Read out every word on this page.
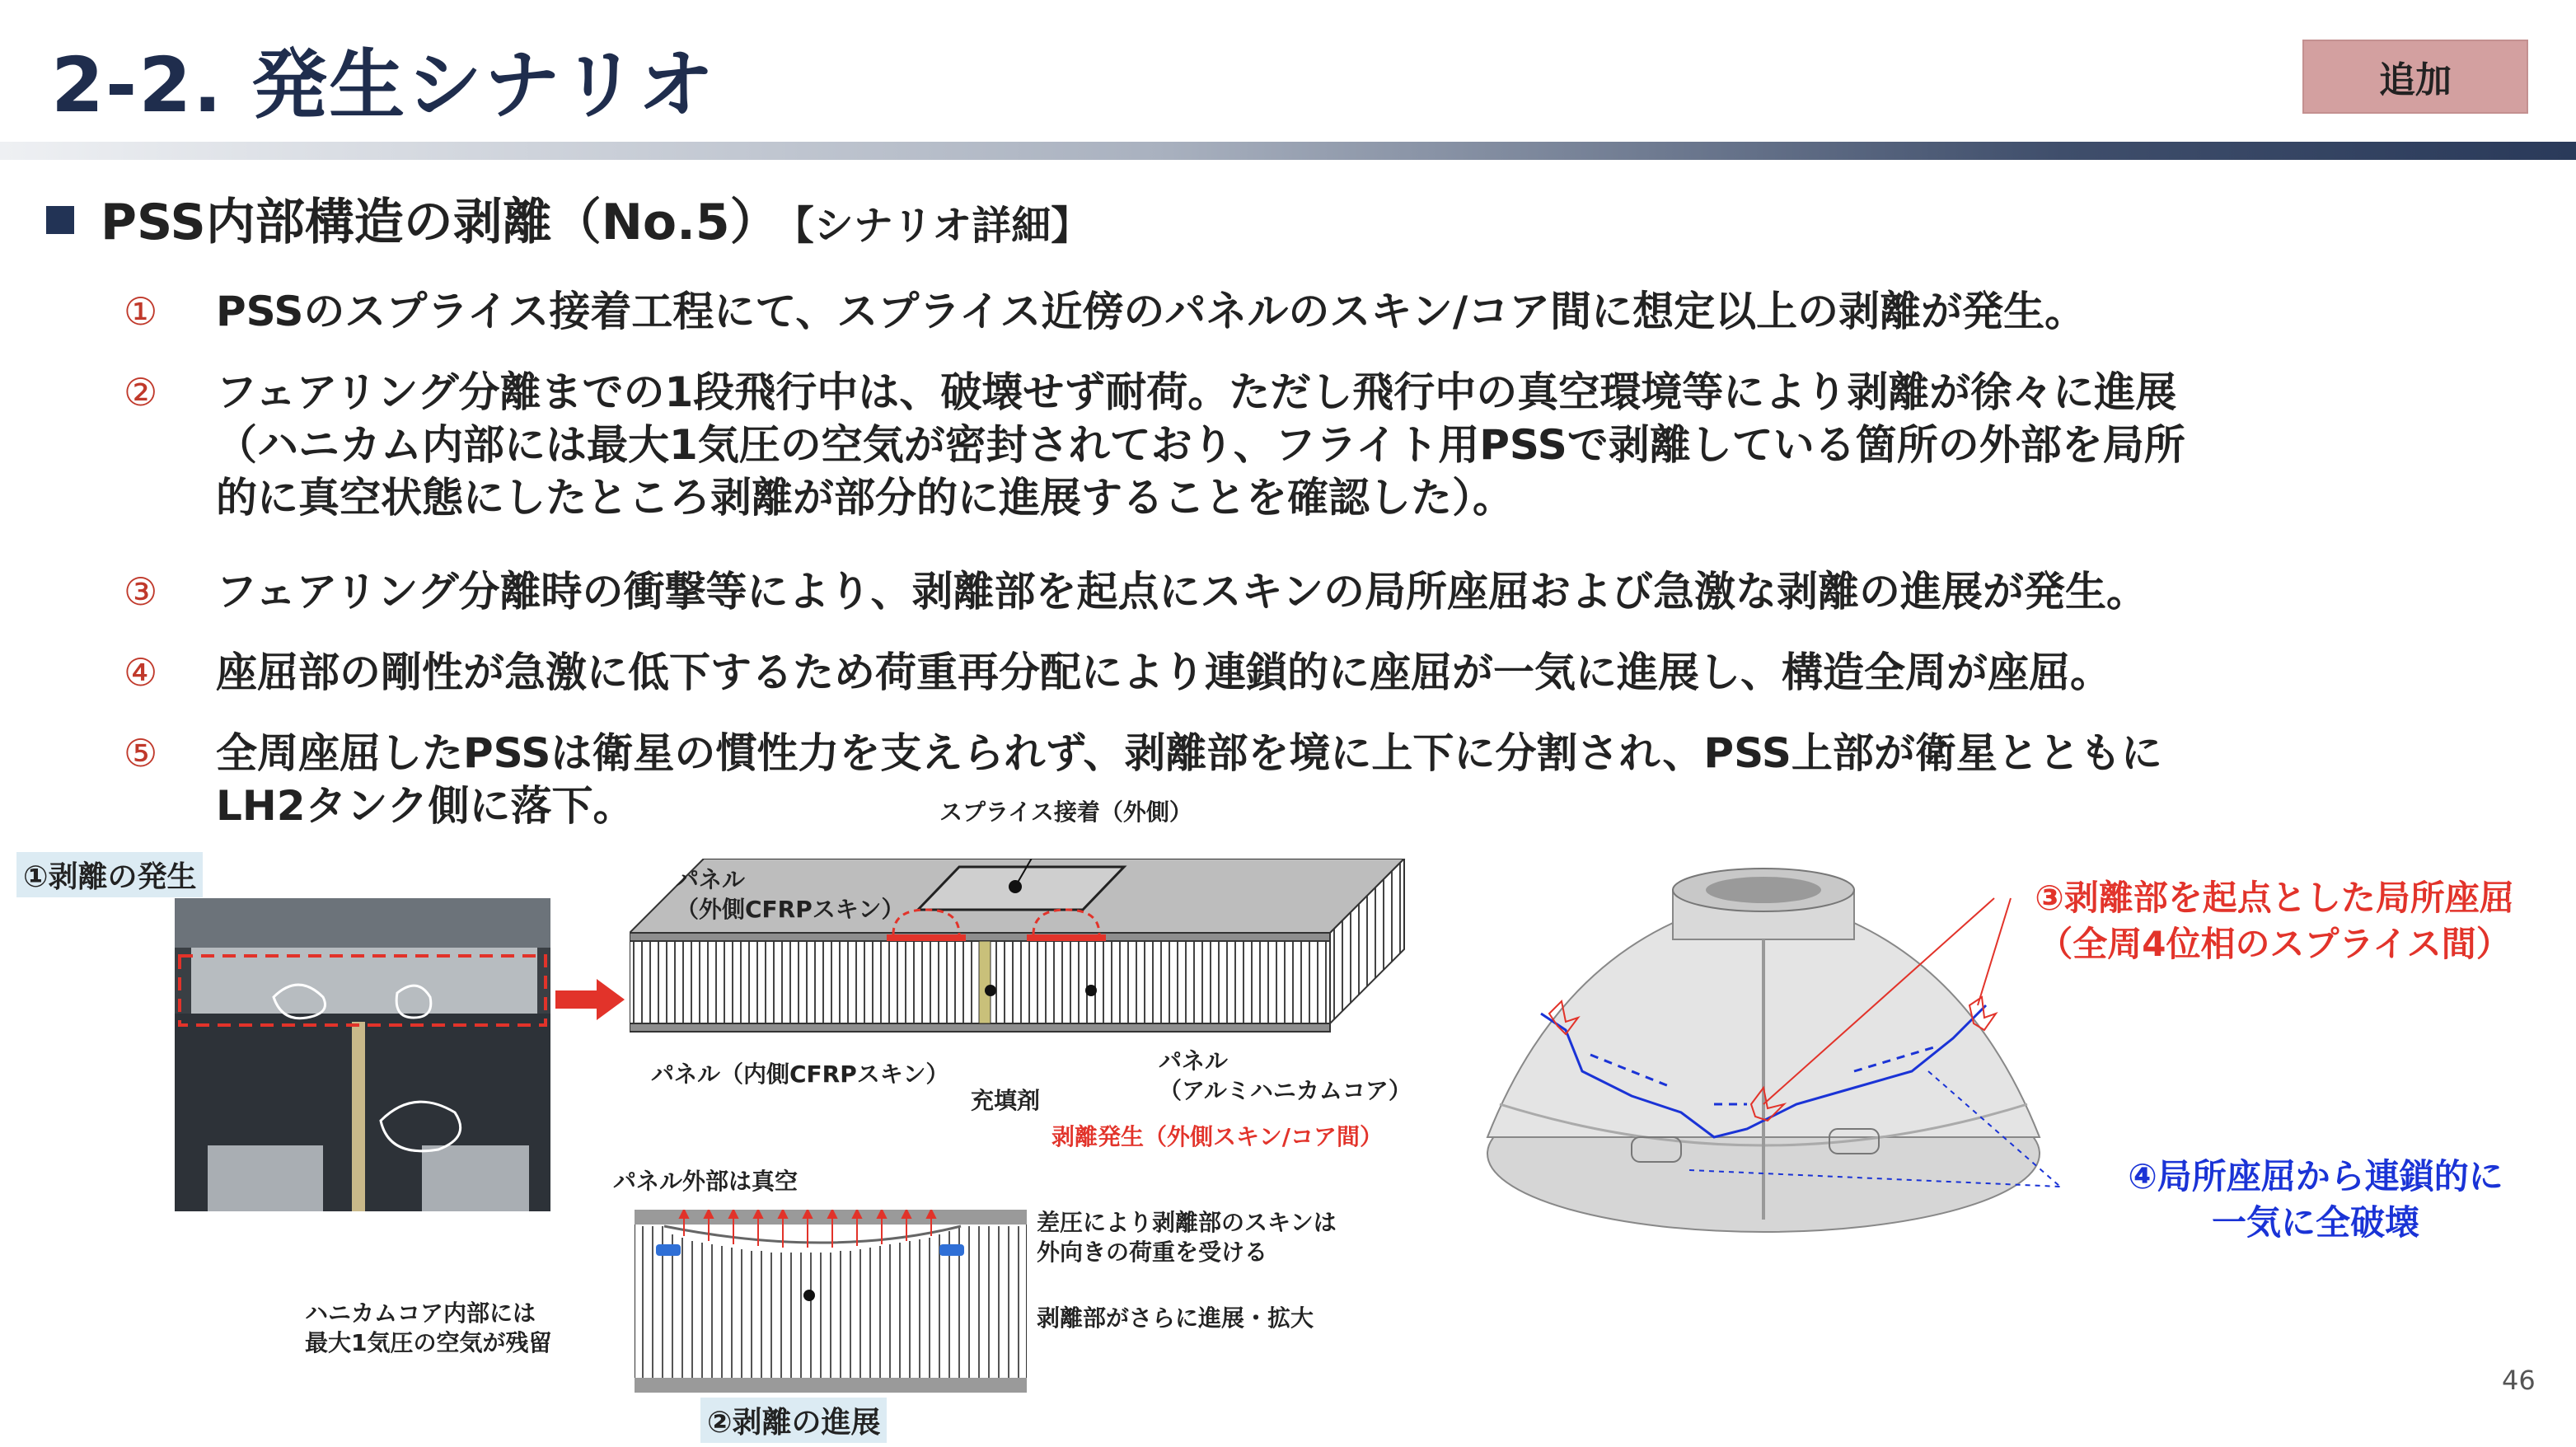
2-2. 発生シナリオ	追加
PSS内部構造の剥離（No.5） 【シナリオ詳細】
① PSSのスプライス接着工程にて、スプライス近傍のパネルのスキン/コア間に想定以上の剥離が発生。
② フェアリング分離までの1段飛行中は、破壊せず耐荷。ただし飛行中の真空環境等により剥離が徐々に進展
（ハニカム内部には最大1気圧の空気が密封されており、フライト用PSSで剥離している箇所の外部を局所
的に真空状態にしたところ剥離が部分的に進展することを確認した）。
③ フェアリング分離時の衝撃等により、剥離部を起点にスキンの局所座屈および急激な剥離の進展が発生。
④ 座屈部の剛性が急激に低下するため荷重再分配により連鎖的に座屈が一気に進展し、構造全周が座屈。
⑤ 全周座屈したPSSは衛星の慣性力を支えられず、剥離部を境に上下に分割され、PSS上部が衛星とともに
LH2タンク側に落下。
①剥離の発生
スプライス接着（外側）
パネル
（外側CFRPスキン）
パネル（内側CFRPスキン）
充填剤
パネル
（アルミハニカムコア）
剥離発生（外側スキン/コア間）
パネル外部は真空
差圧により剥離部のスキンは
外向きの荷重を受ける
ハニカムコア内部には
最大1気圧の空気が残留
剥離部がさらに進展・拡大
②剥離の進展
③剥離部を起点とした局所座屈
（全周4位相のスプライス間）
④局所座屈から連鎖的に
一気に全破壊
46
